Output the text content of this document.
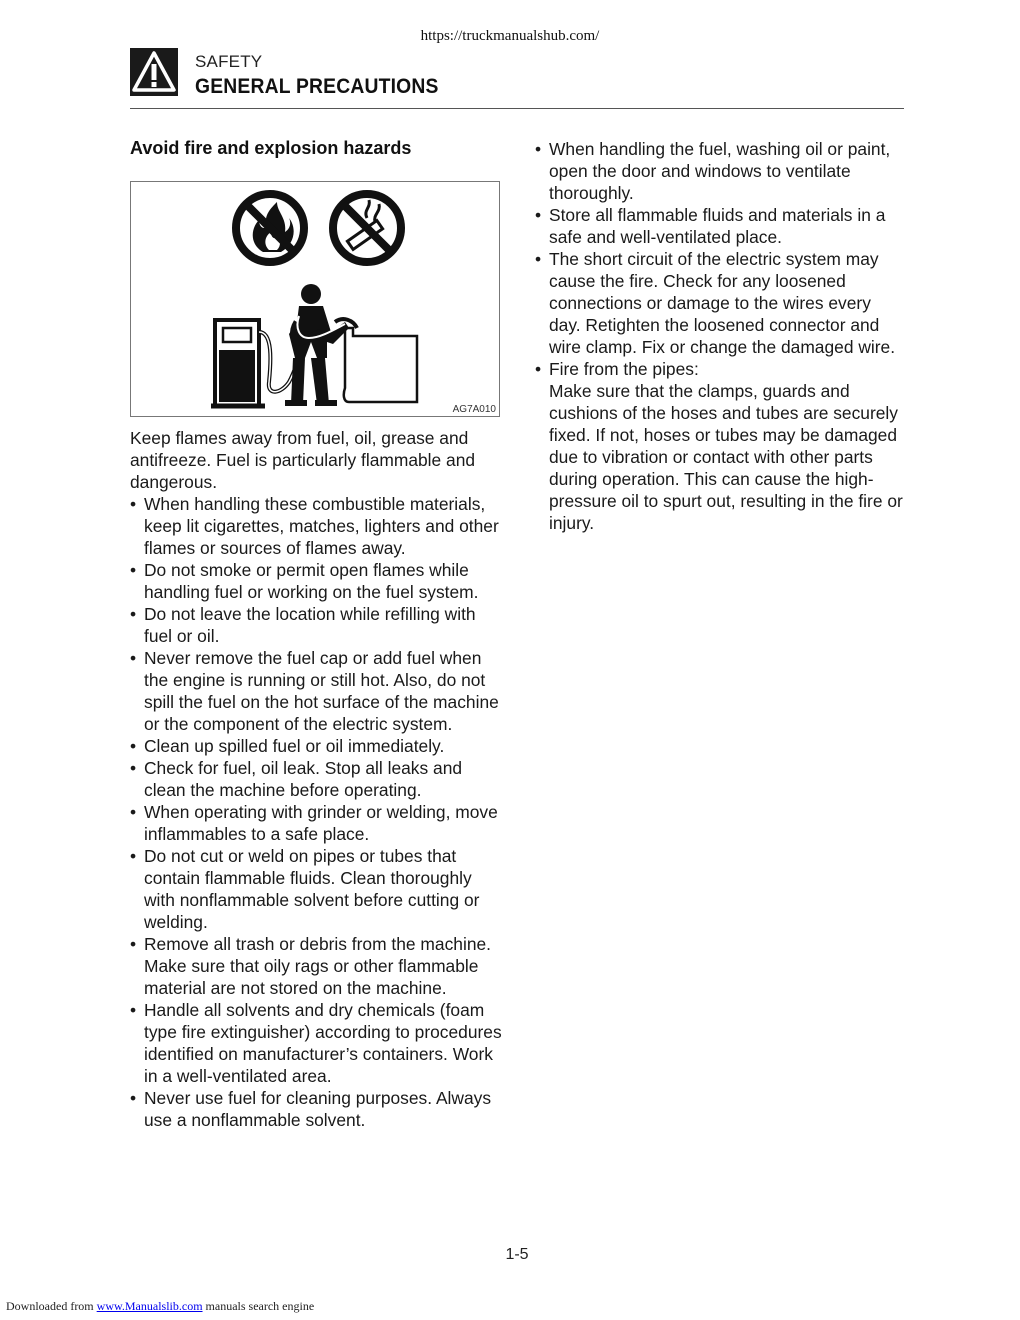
https://truckmanualshub.com/
SAFETY
GENERAL PRECAUTIONS
Avoid fire and explosion hazards
AG7A010

Keep flames away from fuel, oil, grease and antifreeze. Fuel is particularly flammable and dangerous.

• When handling these combustible materials, keep lit cigarettes, matches, lighters and other flames or sources of flames away.
• Do not smoke or permit open flames while handling fuel or working on the fuel system.
• Do not leave the location while refilling with fuel or oil.
• Never remove the fuel cap or add fuel when the engine is running or still hot. Also, do not spill the fuel on the hot surface of the machine or the component of the electric system.
• Clean up spilled fuel or oil immediately.
• Check for fuel, oil leak. Stop all leaks and clean the machine before operating.
• When operating with grinder or welding, move inflammables to a safe place.
• Do not cut or weld on pipes or tubes that contain flammable fluids. Clean thoroughly with nonflammable solvent before cutting or welding.
• Remove all trash or debris from the machine. Make sure that oily rags or other flammable material are not stored on the machine.
• Handle all solvents and dry chemicals (foam type fire extinguisher) according to procedures identified on manufacturer’s containers. Work in a well-ventilated area.
• Never use fuel for cleaning purposes. Always use a nonflammable solvent.
• When handling the fuel, washing oil or paint, open the door and windows to ventilate thoroughly.
• Store all flammable fluids and materials in a safe and well-ventilated place.
• The short circuit of the electric system may cause the fire. Check for any loosened connections or damage to the wires every day. Retighten the loosened connector and wire clamp. Fix or change the damaged wire.
• Fire from the pipes:
Make sure that the clamps, guards and cushions of the hoses and tubes are securely fixed. If not, hoses or tubes may be damaged due to vibration or contact with other parts during operation. This can cause the high-pressure oil to spurt out, resulting in the fire or injury.
1-5
Downloaded from www.Manualslib.com manuals search engine
